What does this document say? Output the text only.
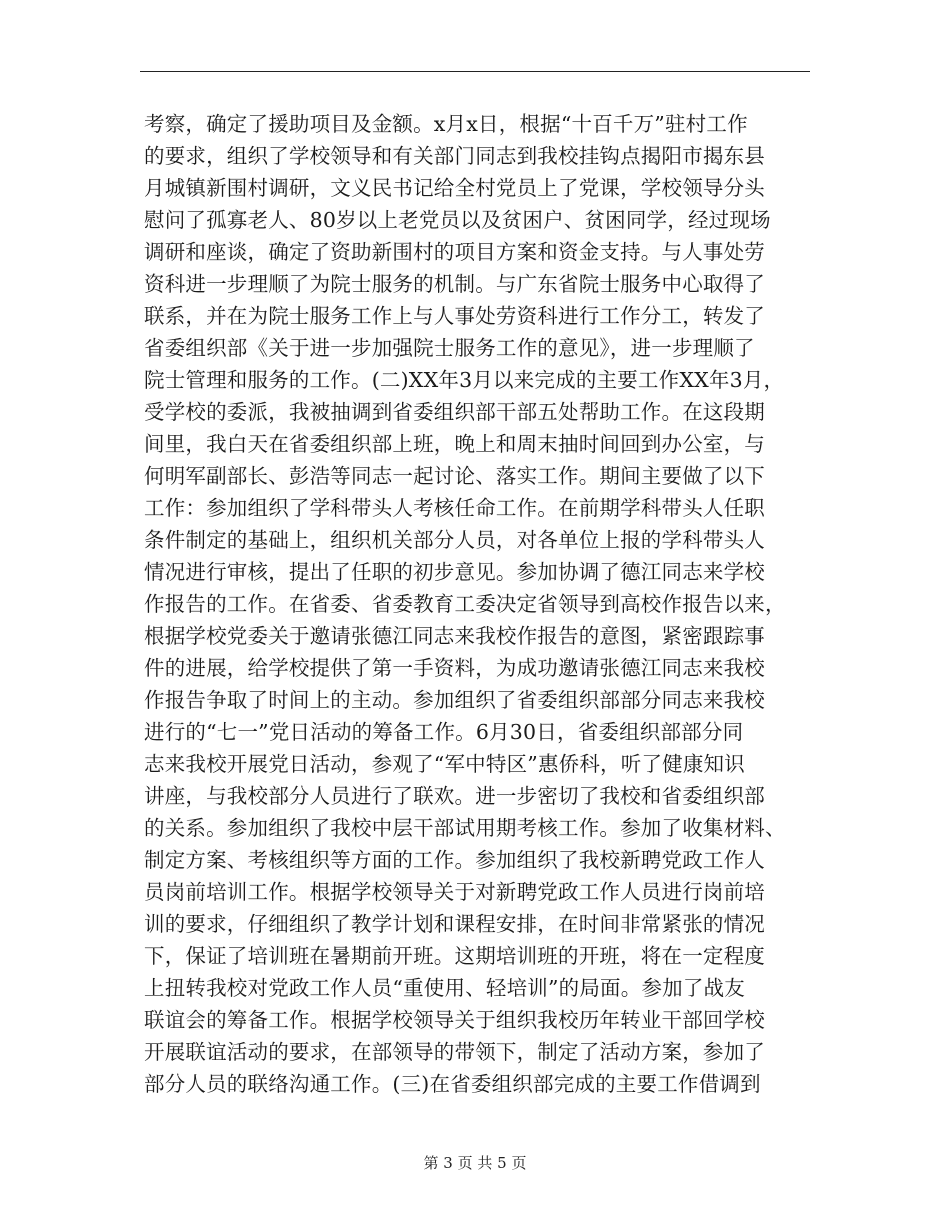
考察，确定了援助项目及金额。x月x日，根据“十百千万”驻村工作
的要求，组织了学校领导和有关部门同志到我校挂钩点揭阳市揭东县
月城镇新围村调研，文义民书记给全村党员上了党课，学校领导分头
慰问了孤寡老人、80岁以上老党员以及贫困户、贫困同学，经过现场
调研和座谈，确定了资助新围村的项目方案和资金支持。与人事处劳
资科进一步理顺了为院士服务的机制。与广东省院士服务中心取得了
联系，并在为院士服务工作上与人事处劳资科进行工作分工，转发了
省委组织部《关于进一步加强院士服务工作的意见》，进一步理顺了
院士管理和服务的工作。(二)XX年3月以来完成的主要工作XX年3月，
受学校的委派，我被抽调到省委组织部干部五处帮助工作。在这段期
间里，我白天在省委组织部上班，晚上和周末抽时间回到办公室，与
何明军副部长、彭浩等同志一起讨论、落实工作。期间主要做了以下
工作：参加组织了学科带头人考核任命工作。在前期学科带头人任职
条件制定的基础上，组织机关部分人员，对各单位上报的学科带头人
情况进行审核，提出了任职的初步意见。参加协调了德江同志来学校
作报告的工作。在省委、省委教育工委决定省领导到高校作报告以来，
根据学校党委关于邀请张德江同志来我校作报告的意图，紧密跟踪事
件的进展，给学校提供了第一手资料，为成功邀请张德江同志来我校
作报告争取了时间上的主动。参加组织了省委组织部部分同志来我校
进行的“七一”党日活动的筹备工作。6月30日，省委组织部部分同
志来我校开展党日活动，参观了“军中特区”惠侨科，听了健康知识
讲座，与我校部分人员进行了联欢。进一步密切了我校和省委组织部
的关系。参加组织了我校中层干部试用期考核工作。参加了收集材料、
制定方案、考核组织等方面的工作。参加组织了我校新聘党政工作人
员岗前培训工作。根据学校领导关于对新聘党政工作人员进行岗前培
训的要求，仔细组织了教学计划和课程安排，在时间非常紧张的情况
下，保证了培训班在暑期前开班。这期培训班的开班，将在一定程度
上扭转我校对党政工作人员“重使用、轻培训”的局面。参加了战友
联谊会的筹备工作。根据学校领导关于组织我校历年转业干部回学校
开展联谊活动的要求，在部领导的带领下，制定了活动方案，参加了
部分人员的联络沟通工作。(三)在省委组织部完成的主要工作借调到
第 3 页 共 5 页
